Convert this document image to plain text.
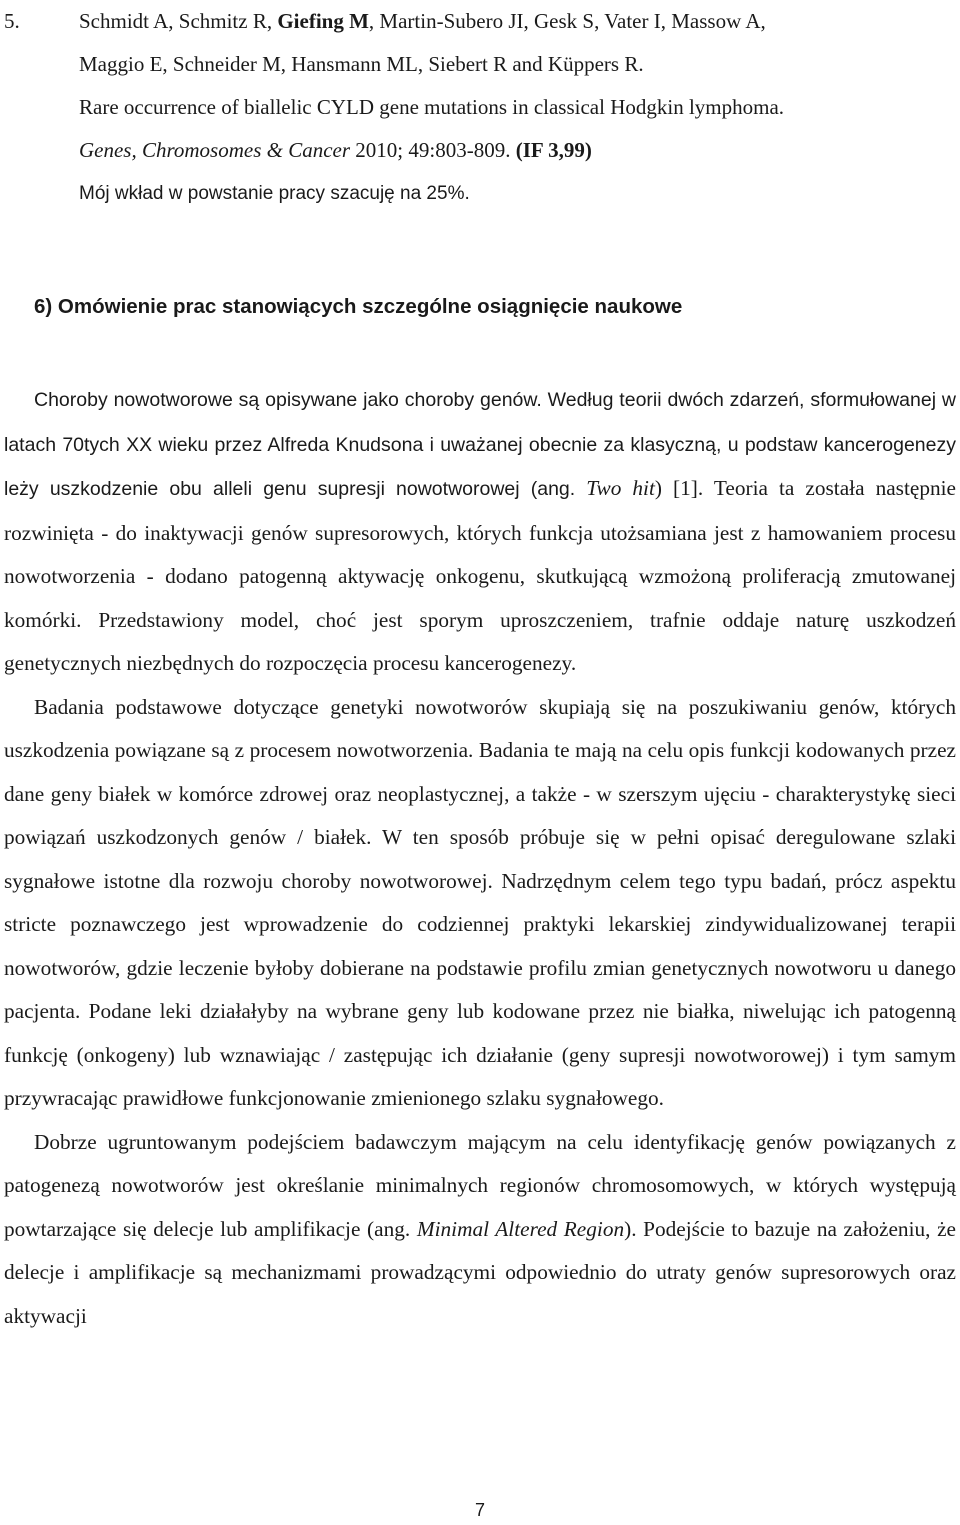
5.	Schmidt A, Schmitz R, Giefing M, Martin-Subero JI, Gesk S, Vater I, Massow A,
Maggio E, Schneider M, Hansmann ML, Siebert R and Küppers R.
Rare occurrence of biallelic CYLD gene mutations in classical Hodgkin lymphoma.
Genes, Chromosomes & Cancer 2010; 49:803-809. (IF 3,99)
Mój wkład w powstanie pracy szacuję na 25%.
6) Omówienie prac stanowiących szczególne osiągnięcie naukowe

Choroby nowotworowe są opisywane jako choroby genów. Według teorii dwóch zdarzeń, sformułowanej w latach 70tych XX wieku przez Alfreda Knudsona i uważanej obecnie za klasyczną, u podstaw kancerogenezy leży uszkodzenie obu alleli genu supresji nowotworowej (ang. Two hit) [1]. Teoria ta została następnie rozwinięta - do inaktywacji genów supresorowych, których funkcja utożsamiana jest z hamowaniem procesu nowotworzenia - dodano patogenną aktywację onkogenu, skutkującą wzmożoną proliferacją zmutowanej komórki. Przedstawiony model, choć jest sporym uproszczeniem, trafnie oddaje naturę uszkodzeń genetycznych niezbędnych do rozpoczęcia procesu kancerogenezy.

Badania podstawowe dotyczące genetyki nowotworów skupiają się na poszukiwaniu genów, których uszkodzenia powiązane są z procesem nowotworzenia. Badania te mają na celu opis funkcji kodowanych przez dane geny białek w komórce zdrowej oraz neoplastycznej, a także - w szerszym ujęciu - charakterystykę sieci powiązań uszkodzonych genów / białek. W ten sposób próbuje się w pełni opisać deregulowane szlaki sygnałowe istotne dla rozwoju choroby nowotworowej. Nadrzędnym celem tego typu badań, prócz aspektu stricte poznawczego jest wprowadzenie do codziennej praktyki lekarskiej zindywidualizowanej terapii nowotworów, gdzie leczenie byłoby dobierane na podstawie profilu zmian genetycznych nowotworu u danego pacjenta. Podane leki działałyby na wybrane geny lub kodowane przez nie białka, niwelując ich patogenną funkcję (onkogeny) lub wznawiając / zastępując ich działanie (geny supresji nowotworowej) i tym samym przywracając prawidłowe funkcjonowanie zmienionego szlaku sygnałowego.

Dobrze ugruntowanym podejściem badawczym mającym na celu identyfikację genów powiązanych z patogenezą nowotworów jest określanie minimalnych regionów chromosomowych, w których występują powtarzające się delecje lub amplifikacje (ang. Minimal Altered Region). Podejście to bazuje na założeniu, że delecje i amplifikacje są mechanizmami prowadzącymi odpowiednio do utraty genów supresorowych oraz aktywacji

7
